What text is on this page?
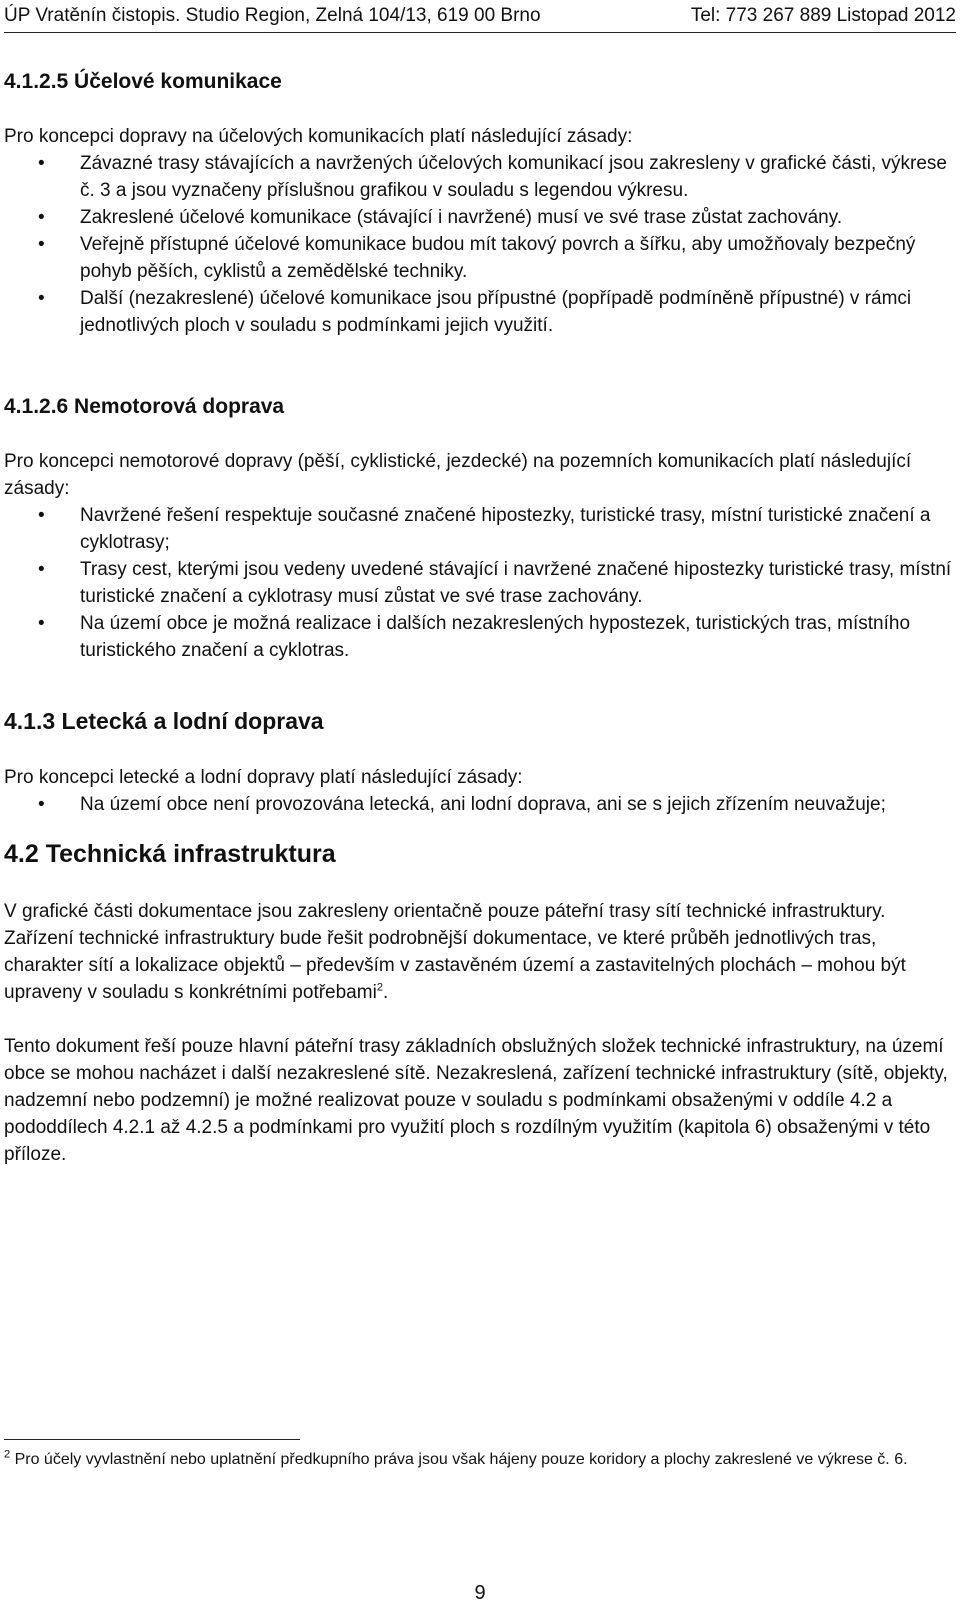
ÚP Vratěnín čistopis. Studio Region, Zelná 104/13, 619 00 Brno	Tel: 773 267 889 Listopad 2012
4.1.2.5 Účelové komunikace

Pro koncepci dopravy na účelových komunikacích platí následující zásady:

• Závazné trasy stávajících a navržených účelových komunikací jsou zakresleny v grafické části, výkrese č. 3 a jsou vyznačeny příslušnou grafikou v souladu s legendou výkresu.
• Zakreslené účelové komunikace (stávající i navržené) musí ve své trase zůstat zachovány.
• Veřejně přístupné účelové komunikace budou mít takový povrch a šířku, aby umožňovaly bezpečný pohyb pěších, cyklistů a zemědělské techniky.
• Další (nezakreslené) účelové komunikace jsou přípustné (popřípadě podmíněně přípustné) v rámci jednotlivých ploch v souladu s podmínkami jejich využití.
4.1.2.6 Nemotorová doprava

Pro koncepci nemotorové dopravy (pěší, cyklistické, jezdecké) na pozemních komunikacích platí následující zásady:

• Navržené řešení respektuje současné značené hipostezky, turistické trasy, místní turistické značení a cyklotrasy;
• Trasy cest, kterými jsou vedeny uvedené stávající i navržené značené hipostezky turistické trasy, místní turistické značení a cyklotrasy musí zůstat ve své trase zachovány.
• Na území obce je možná realizace i dalších nezakreslených hypostezek, turistických tras, místního turistického značení a cyklotras.
4.1.3 Letecká a lodní doprava

Pro koncepci letecké a lodní dopravy platí následující zásady:

• Na území obce není provozována letecká, ani lodní doprava, ani se s jejich zřízením neuvažuje;
4.2 Technická infrastruktura

V grafické části dokumentace jsou zakresleny orientačně pouze páteřní trasy sítí technické infrastruktury. Zařízení technické infrastruktury bude řešit podrobnější dokumentace, ve které průběh jednotlivých tras, charakter sítí a lokalizace objektů – především v zastavěném území a zastavitelných plochách – mohou být upraveny v souladu s konkrétními potřebami$^2$.

Tento dokument řeší pouze hlavní páteřní trasy základních obslužných složek technické infrastruktury, na území obce se mohou nacházet i další nezakreslené sítě. Nezakreslená, zařízení technické infrastruktury (sítě, objekty, nadzemní nebo podzemní) je možné realizovat pouze v souladu s podmínkami obsaženými v oddíle 4.2 a pododdílech 4.2.1 až 4.2.5 a podmínkami pro využití ploch s rozdílným využitím (kapitola 6) obsaženými v této příloze.

$^2$ Pro účely vyvlastnění nebo uplatnění předkupního práva jsou však hájeny pouze koridory a plochy zakreslené ve výkrese č. 6.
9
